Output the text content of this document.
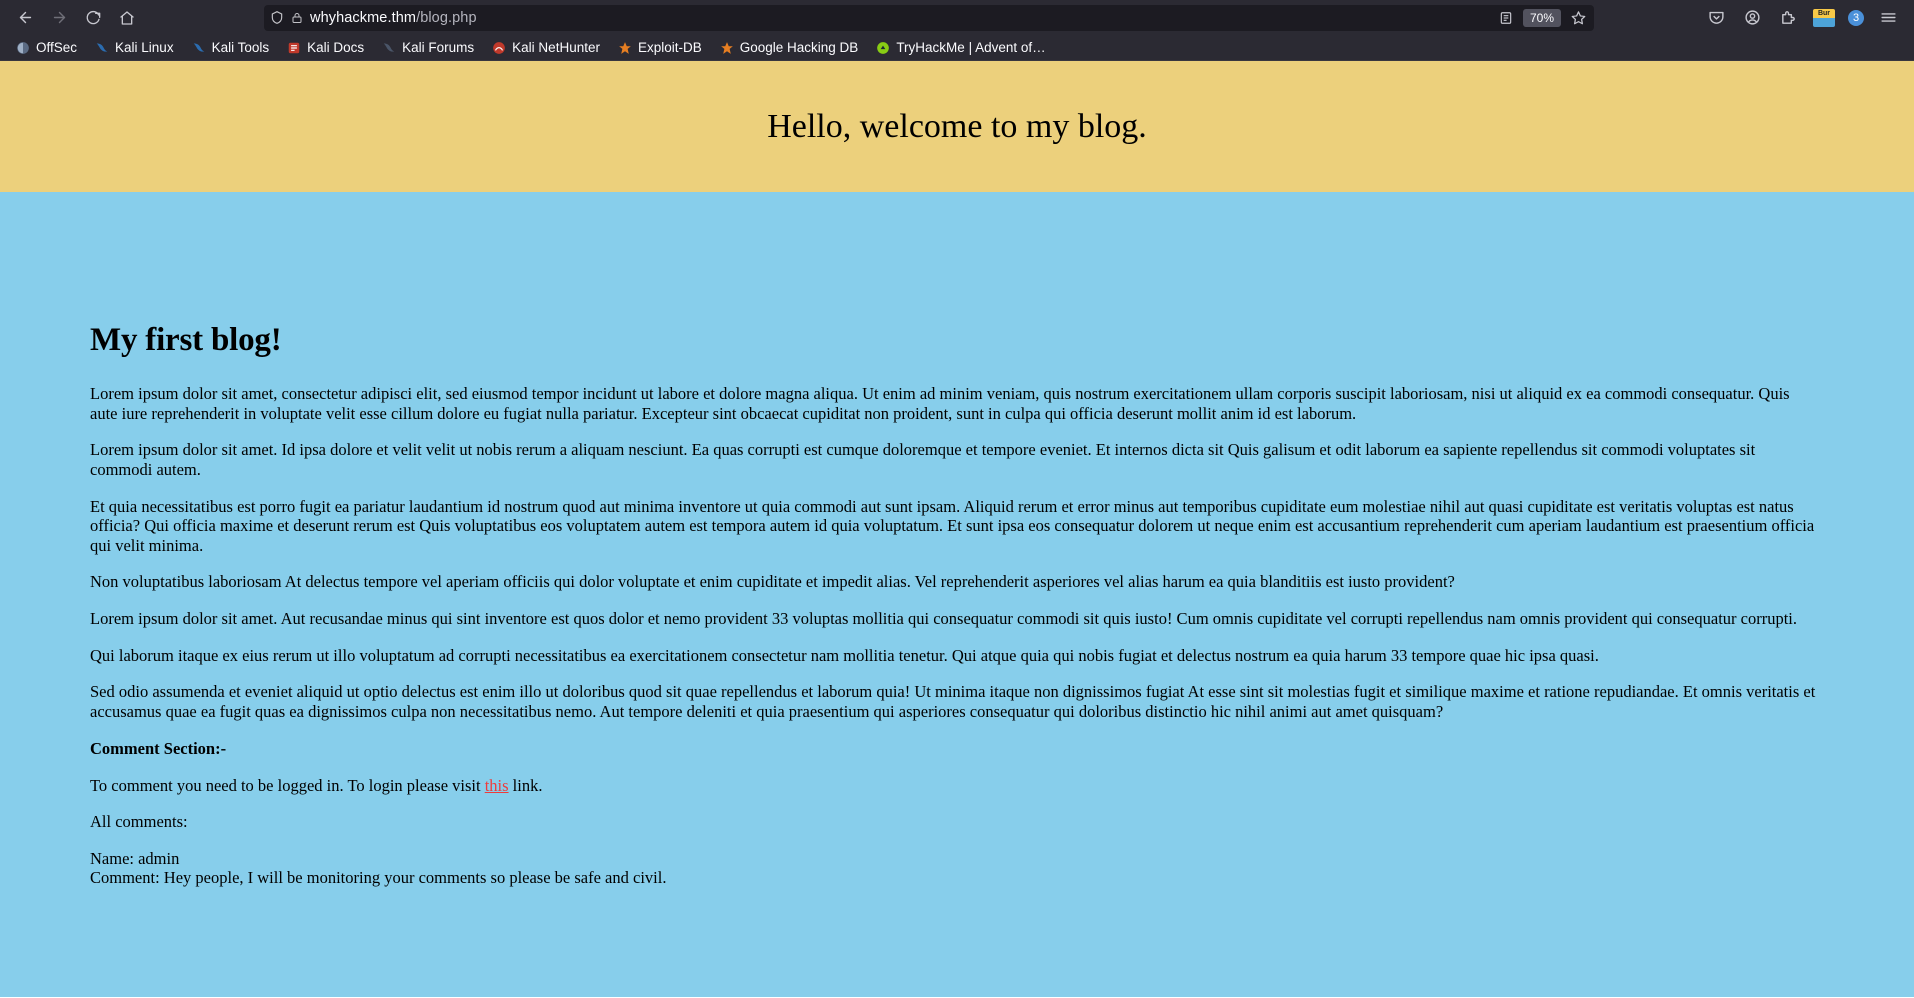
whyhackme.thm/blog.php	70%	Bur	3
OffSec	Kali Linux	Kali Tools	Kali Docs	Kali Forums	Kali NetHunter	Exploit-DB	Google Hacking DB	TryHackMe | Advent of…
Hello, welcome to my blog.
My first blog!

Lorem ipsum dolor sit amet, consectetur adipisci elit, sed eiusmod tempor incidunt ut labore et dolore magna aliqua. Ut enim ad minim veniam, quis nostrum exercitationem ullam corporis suscipit laboriosam, nisi ut aliquid ex ea commodi consequatur. Quis aute iure reprehenderit in voluptate velit esse cillum dolore eu fugiat nulla pariatur. Excepteur sint obcaecat cupiditat non proident, sunt in culpa qui officia deserunt mollit anim id est laborum.

Lorem ipsum dolor sit amet. Id ipsa dolore et velit velit ut nobis rerum a aliquam nesciunt. Ea quas corrupti est cumque doloremque et tempore eveniet. Et internos dicta sit Quis galisum et odit laborum ea sapiente repellendus sit commodi voluptates sit commodi autem.

Et quia necessitatibus est porro fugit ea pariatur laudantium id nostrum quod aut minima inventore ut quia commodi aut sunt ipsam. Aliquid rerum et error minus aut temporibus cupiditate eum molestiae nihil aut quasi cupiditate est veritatis voluptas est natus officia? Qui officia maxime et deserunt rerum est Quis voluptatibus eos voluptatem autem est tempora autem id quia voluptatum. Et sunt ipsa eos consequatur dolorem ut neque enim est accusantium reprehenderit cum aperiam laudantium est praesentium officia qui velit minima.

Non voluptatibus laboriosam At delectus tempore vel aperiam officiis qui dolor voluptate et enim cupiditate et impedit alias. Vel reprehenderit asperiores vel alias harum ea quia blanditiis est iusto provident?

Lorem ipsum dolor sit amet. Aut recusandae minus qui sint inventore est quos dolor et nemo provident 33 voluptas mollitia qui consequatur commodi sit quis iusto! Cum omnis cupiditate vel corrupti repellendus nam omnis provident qui consequatur corrupti.

Qui laborum itaque ex eius rerum ut illo voluptatum ad corrupti necessitatibus ea exercitationem consectetur nam mollitia tenetur. Qui atque quia qui nobis fugiat et delectus nostrum ea quia harum 33 tempore quae hic ipsa quasi.

Sed odio assumenda et eveniet aliquid ut optio delectus est enim illo ut doloribus quod sit quae repellendus et laborum quia! Ut minima itaque non dignissimos fugiat At esse sint sit molestias fugit et similique maxime et ratione repudiandae. Et omnis veritatis et accusamus quae ea fugit quas ea dignissimos culpa non necessitatibus nemo. Aut tempore deleniti et quia praesentium qui asperiores consequatur qui doloribus distinctio hic nihil animi aut amet quisquam?

Comment Section:-

To comment you need to be logged in. To login please visit this link.

All comments:

Name: admin
Comment: Hey people, I will be monitoring your comments so please be safe and civil.
